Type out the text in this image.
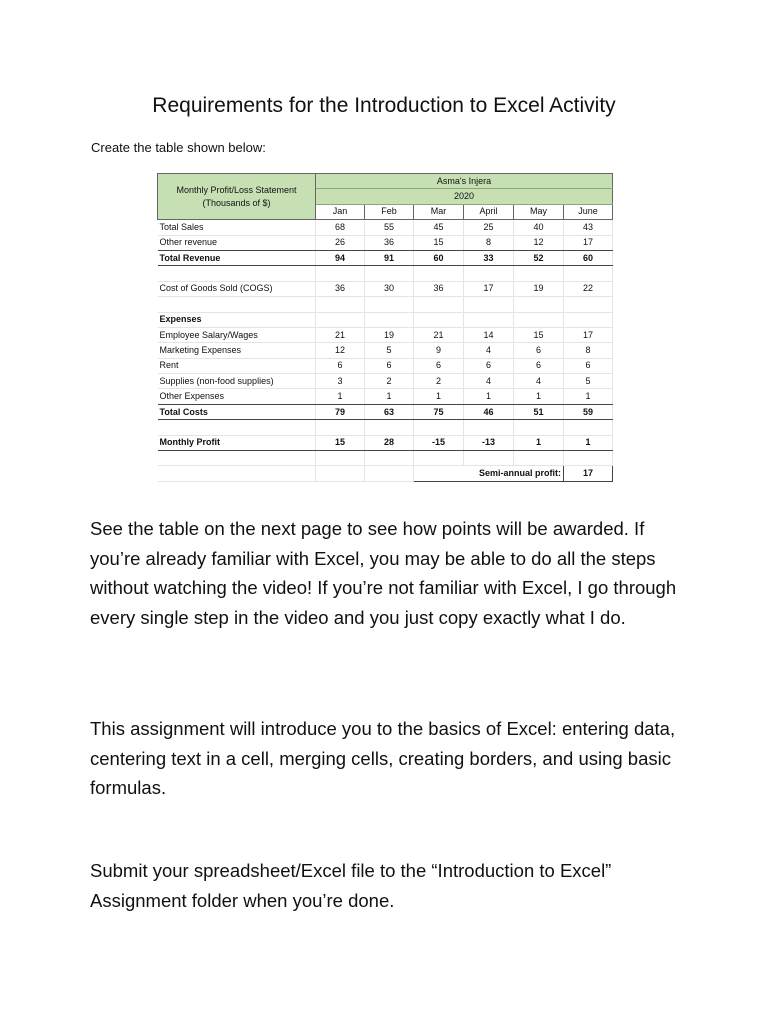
Requirements for the Introduction to Excel Activity
Create the table shown below:
Monthly Profit/Loss Statement
(Thousands of $)	Asma's Injera					
	2020					
	Jan	Feb	Mar	April	May	June
Total Sales	68	55	45	25	40	43
Other revenue	26	36	15	8	12	17
Total Revenue	94	91	60	33	52	60

Cost of Goods Sold (COGS)	36	30	36	17	19	22

Expenses						
Employee Salary/Wages	21	19	21	14	15	17
Marketing Expenses	12	5	9	4	6	8
Rent	6	6	6	6	6	6
Supplies (non-food supplies)	3	2	2	4	4	5
Other Expenses	1	1	1	1	1	1
Total Costs	79	63	75	46	51	59

Monthly Profit	15	28	-15	-13	1	1

			Semi-annual profit:			17
See the table on the next page to see how points will be awarded. If you’re already familiar with Excel, you may be able to do all the steps without watching the video! If you’re not familiar with Excel, I go through every single step in the video and you just copy exactly what I do.
This assignment will introduce you to the basics of Excel: entering data, centering text in a cell, merging cells, creating borders, and using basic formulas.
Submit your spreadsheet/Excel file to the “Introduction to Excel” Assignment folder when you’re done.
